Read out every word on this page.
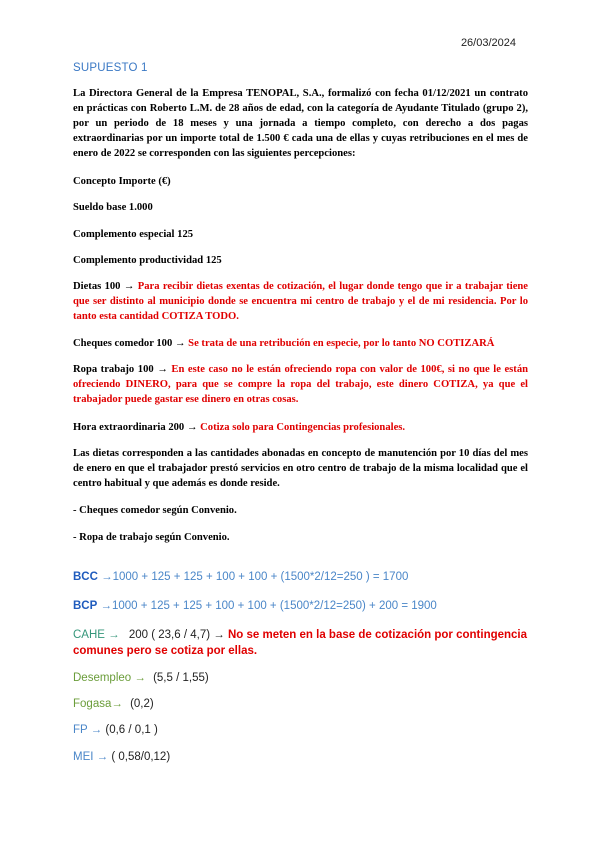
26/03/2024
SUPUESTO 1
La Directora General de la Empresa TENOPAL, S.A., formalizó con fecha 01/12/2021 un contrato en prácticas con Roberto L.M. de 28 años de edad, con la categoría de Ayudante Titulado (grupo 2), por un periodo de 18 meses y una jornada a tiempo completo, con derecho a dos pagas extraordinarias por un importe total de 1.500 € cada una de ellas y cuyas retribuciones en el mes de enero de 2022 se corresponden con las siguientes percepciones:
Concepto Importe (€)
Sueldo base 1.000
Complemento especial 125
Complemento productividad 125
Dietas 100 → Para recibir dietas exentas de cotización, el lugar donde tengo que ir a trabajar tiene que ser distinto al municipio donde se encuentra mi centro de trabajo y el de mi residencia. Por lo tanto esta cantidad COTIZA TODO.
Cheques comedor 100 → Se trata de una retribución en especie, por lo tanto NO COTIZARÁ
Ropa trabajo 100 → En este caso no le están ofreciendo ropa con valor de 100€, si no que le están ofreciendo DINERO, para que se compre la ropa del trabajo, este dinero COTIZA, ya que el trabajador puede gastar ese dinero en otras cosas.
Hora extraordinaria 200 → Cotiza solo para Contingencias profesionales.
Las dietas corresponden a las cantidades abonadas en concepto de manutención por 10 días del mes de enero en que el trabajador prestó servicios en otro centro de trabajo de la misma localidad que el centro habitual y que además es donde reside.
- Cheques comedor según Convenio.
- Ropa de trabajo según Convenio.
BCC →1000 + 125 + 125 + 100 + 100 + (1500*2/12=250 ) = 1700
BCP →1000 + 125 + 125 + 100 + 100 + (1500*2/12=250) + 200 = 1900
CAHE → 200 ( 23,6 / 4,7) → No se meten en la base de cotización por contingencia comunes pero se cotiza por ellas.
Desempleo → (5,5 / 1,55)
Fogasa→ (0,2)
FP → (0,6 / 0,1 )
MEI → ( 0,58/0,12)
